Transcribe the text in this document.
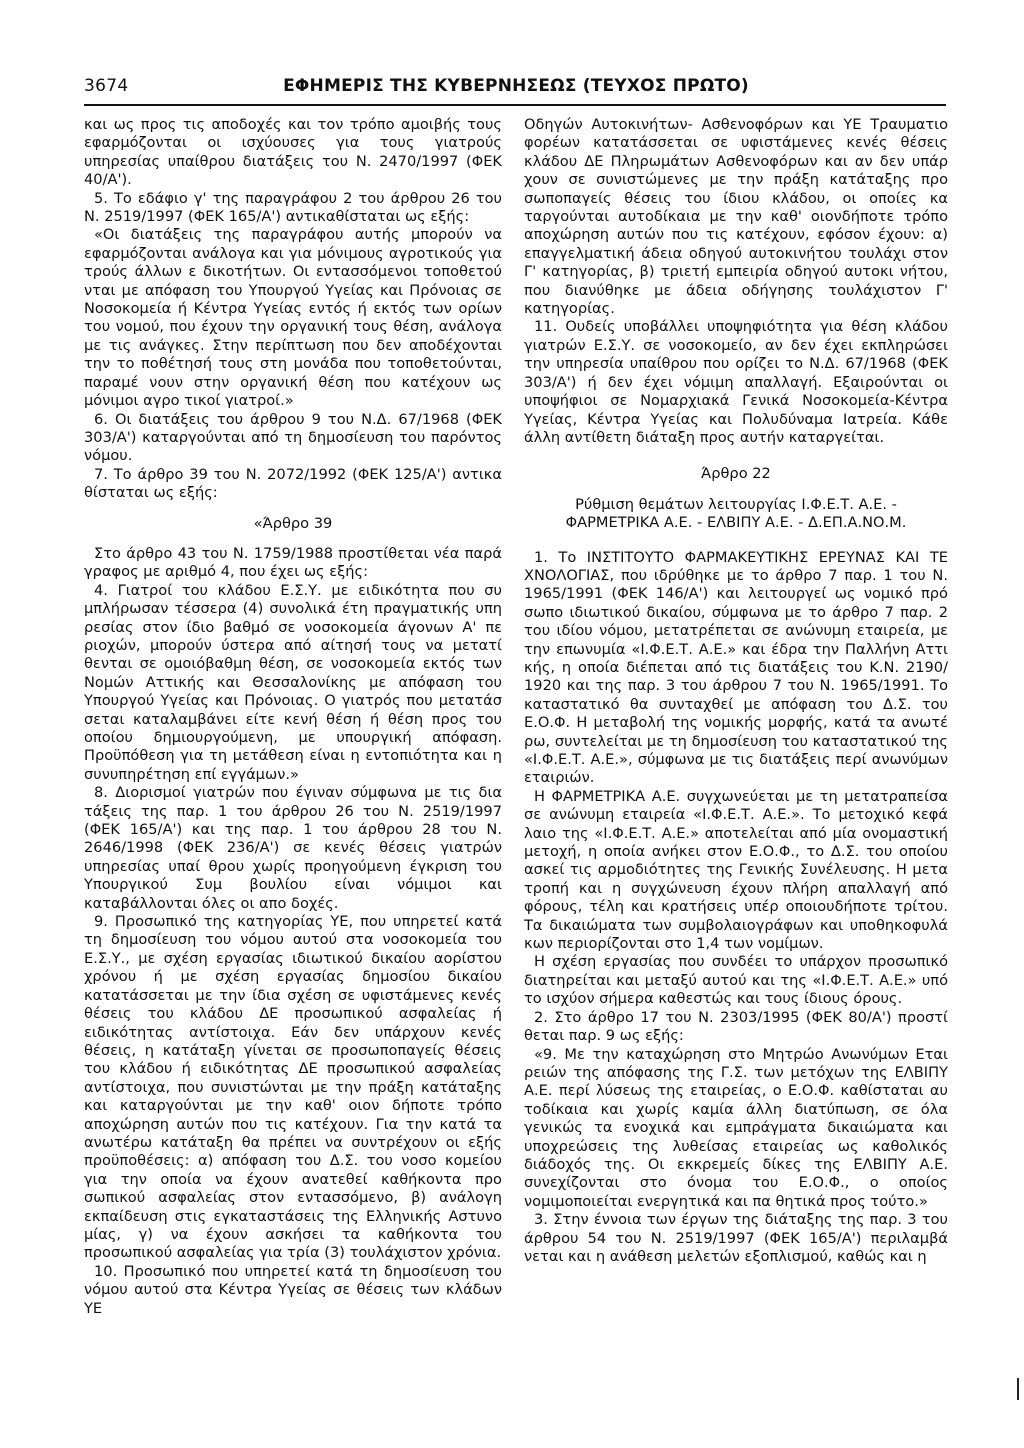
ΕΦΗΜΕΡΙΣ ΤΗΣ ΚΥΒΕΡΝΗΣΕΩΣ (ΤΕΥΧΟΣ ΠΡΩΤΟ)
3674

και ως προς τις αποδοχές και τον τρόπο αμοιβής τους εφαρμόζονται οι ισχύουσες για τους γιατρούς υπηρεσίας υπαίθρου διατάξεις του Ν. 2470/1997 (ΦΕΚ 40/Α').

5. Το εδάφιο γ' της παραγράφου 2 του άρθρου 26 του Ν. 2519/1997 (ΦΕΚ 165/Α') αντικαθίσταται ως εξής:

«Οι διατάξεις της παραγράφου αυτής μπορούν να εφαρμόζονται ανάλογα και για μόνιμους αγροτικούς για τρούς άλλων ε δικοτήτων. Οι εντασσόμενοι τοποθετού νται με απόφαση του Υπουργού Υγείας και Πρόνοιας σε Νοσοκομεία ή Κέντρα Υγείας εντός ή εκτός των ορίων του νομού, που έχουν την οργανική τους θέση, ανάλογα με τις ανάγκες. Στην περίπτωση που δεν αποδέχονται την το ποθέτησή τους στη μονάδα που τοποθετούνται, παραμέ νουν στην οργανική θέση που κατέχουν ως μόνιμοι αγρο τικοί γιατροί.»

6. Οι διατάξεις του άρθρου 9 του Ν.Δ. 67/1968 (ΦΕΚ 303/Α') καταργούνται από τη δημοσίευση του παρόντος νόμου.

7. Το άρθρο 39 του Ν. 2072/1992 (ΦΕΚ 125/Α') αντικα θίσταται ως εξής:

«Άρθρο 39

Στο άρθρο 43 του Ν. 1759/1988 προστίθεται νέα παρά γραφος με αριθμό 4, που έχει ως εξής:

4. Γιατροί του κλάδου Ε.Σ.Υ. με ειδικότητα που συ μπλήρωσαν τέσσερα (4) συνολικά έτη πραγματικής υπη ρεσίας στον ίδιο βαθμό σε νοσοκομεία άγονων Α' πε ριοχών, μπορούν ύστερα από αίτησή τους να μετατί θενται σε ομοιόβαθμη θέση, σε νοσοκομεία εκτός των Νομών Αττικής και Θεσσαλονίκης με απόφαση του Υπουργού Υγείας και Πρόνοιας. Ο γιατρός που μετατάσ σεται καταλαμβάνει είτε κενή θέση ή θέση προς του οποίου δημιουργούμενη, με υπουργική απόφαση. Προϋπόθεση για τη μετάθεση είναι η εντοπιότητα και η συνυπηρέτηση επί εγγάμων.»

8. Διορισμοί γιατρών που έγιναν σύμφωνα με τις δια τάξεις της παρ. 1 του άρθρου 26 του Ν. 2519/1997 (ΦΕΚ 165/Α') και της παρ. 1 του άρθρου 28 του Ν. 2646/1998 (ΦΕΚ 236/Α') σε κενές θέσεις γιατρών υπηρεσίας υπαί θρου χωρίς προηγούμενη έγκριση του Υπουργικού Συμ βουλίου είναι νόμιμοι και καταβάλλονται όλες οι απο δοχές.

9. Προσωπικό της κατηγορίας ΥΕ, που υπηρετεί κατά τη δημοσίευση του νόμου αυτού στα νοσοκομεία του Ε.Σ.Υ., με σχέση εργασίας ιδιωτικού δικαίου αορίστου χρόνου ή με σχέση εργασίας δημοσίου δικαίου κατατάσσεται με την ίδια σχέση σε υφιστάμενες κενές θέσεις του κλάδου ΔΕ προσωπικού ασφαλείας ή ειδικότητας αντίστοιχα. Εάν δεν υπάρχουν κενές θέσεις, η κατάταξη γίνεται σε προσωποπαγείς θέσεις του κλάδου ή ειδικότητας ΔΕ προσωπικού ασφαλείας αντίστοιχα, που συνιστώνται με την πράξη κατάταξης και καταργούνται με την καθ' οιον δήποτε τρόπο αποχώρηση αυτών που τις κατέχουν. Για την κατά τα ανωτέρω κατάταξη θα πρέπει να συντρέχουν οι εξής προϋποθέσεις: α) απόφαση του Δ.Σ. του νοσο κομείου για την οποία να έχουν ανατεθεί καθήκοντα προ σωπικού ασφαλείας στον εντασσόμενο, β) ανάλογη εκπαίδευση στις εγκαταστάσεις της Ελληνικής Αστυνο μίας, γ) να έχουν ασκήσει τα καθήκοντα του προσωπικού ασφαλείας για τρία (3) τουλάχιστον χρόνια.

10. Προσωπικό που υπηρετεί κατά τη δημοσίευση του νόμου αυτού στα Κέντρα Υγείας σε θέσεις των κλάδων ΥΕ

Οδηγών Αυτοκινήτων- Ασθενοφόρων και ΥΕ Τραυματιο φορέων κατατάσσεται σε υφιστάμενες κενές θέσεις κλάδου ΔΕ Πληρωμάτων Ασθενοφόρων και αν δεν υπάρ χουν σε συνιστώμενες με την πράξη κατάταξης προ σωποπαγείς θέσεις του ίδιου κλάδου, οι οποίες κα ταργούνται αυτοδίκαια με την καθ' οιονδήποτε τρόπο αποχώρηση αυτών που τις κατέχουν, εφόσον έχουν: α) επαγγελματική άδεια οδηγού αυτοκινήτου τουλάχι στον Γ' κατηγορίας, β) τριετή εμπειρία οδηγού αυτοκι νήτου, που διανύθηκε με άδεια οδήγησης τουλάχιστον Γ' κατηγορίας.

11. Ουδείς υποβάλλει υποψηφιότητα για θέση κλάδου γιατρών Ε.Σ.Υ. σε νοσοκομείο, αν δεν έχει εκπληρώσει την υπηρεσία υπαίθρου που ορίζει το Ν.Δ. 67/1968 (ΦΕΚ 303/Α') ή δεν έχει νόμιμη απαλλαγή. Εξαιρούνται οι υποψήφιοι σε Νομαρχιακά Γενικά Νοσοκομεία-Κέντρα Υγείας, Κέντρα Υγείας και Πολυδύναμα Ιατρεία. Κάθε άλλη αντίθετη διάταξη προς αυτήν καταργείται.

Άρθρο 22

Ρύθμιση θεμάτων λειτουργίας Ι.Φ.Ε.Τ. Α.Ε. -

ΦΑΡΜΕΤΡΙΚΑ Α.Ε. - ΕΛΒΙΠΥ Α.Ε. - Δ.ΕΠ.Α.ΝΟ.Μ.

1. Το ΙΝΣΤΙΤΟΥΤΟ ΦΑΡΜΑΚΕΥΤΙΚΗΣ ΕΡΕΥΝΑΣ ΚΑΙ ΤΕ ΧΝΟΛΟΓΙΑΣ, που ιδρύθηκε με το άρθρο 7 παρ. 1 του Ν. 1965/1991 (ΦΕΚ 146/Α') και λειτουργεί ως νομικό πρό σωπο ιδιωτικού δικαίου, σύμφωνα με το άρθρο 7 παρ. 2 του ιδίου νόμου, μετατρέπεται σε ανώνυμη εταιρεία, με την επωνυμία «Ι.Φ.Ε.Τ. Α.Ε.» και έδρα την Παλλήνη Αττι κής, η οποία διέπεται από τις διατάξεις του Κ.Ν. 2190/ 1920 και της παρ. 3 του άρθρου 7 του Ν. 1965/1991. Το καταστατικό θα συνταχθεί με απόφαση του Δ.Σ. του Ε.Ο.Φ. Η μεταβολή της νομικής μορφής, κατά τα ανωτέ ρω, συντελείται με τη δημοσίευση του καταστατικού της «Ι.Φ.Ε.Τ. Α.Ε.», σύμφωνα με τις διατάξεις περί ανωνύμων εταιριών.

Η ΦΑΡΜΕΤΡΙΚΑ Α.Ε. συγχωνεύεται με τη μετατραπείσα σε ανώνυμη εταιρεία «Ι.Φ.Ε.Τ. Α.Ε.». Το μετοχικό κεφά λαιο της «Ι.Φ.Ε.Τ. Α.Ε.» αποτελείται από μία ονομαστική μετοχή, η οποία ανήκει στον Ε.Ο.Φ., το Δ.Σ. του οποίου ασκεί τις αρμοδιότητες της Γενικής Συνέλευσης. Η μετα τροπή και η συγχώνευση έχουν πλήρη απαλλαγή από φόρους, τέλη και κρατήσεις υπέρ οποιουδήποτε τρίτου. Τα δικαιώματα των συμβολαιογράφων και υποθηκοφυλά κων περιορίζονται στο 1,4 των νομίμων.

Η σχέση εργασίας που συνδέει το υπάρχον προσωπικό διατηρείται και μεταξύ αυτού και της «Ι.Φ.Ε.Τ. Α.Ε.» υπό το ισχύον σήμερα καθεστώς και τους ίδιους όρους.

2. Στο άρθρο 17 του Ν. 2303/1995 (ΦΕΚ 80/Α') προστί θεται παρ. 9 ως εξής:

«9. Με την καταχώρηση στο Μητρώο Ανωνύμων Εται ρειών της απόφασης της Γ.Σ. των μετόχων της ΕΛΒΙΠΥ Α.Ε. περί λύσεως της εταιρείας, ο Ε.Ο.Φ. καθίσταται αυ τοδίκαια και χωρίς καμία άλλη διατύπωση, σε όλα γενικώς τα ενοχικά και εμπράγματα δικαιώματα και υποχρεώσεις της λυθείσας εταιρείας ως καθολικός διάδοχός της. Οι εκκρεμείς δίκες της ΕΛΒΙΠΥ Α.Ε. συνεχίζονται στο όνομα του Ε.Ο.Φ., ο οποίος νομιμοποιείται ενεργητικά και πα θητικά προς τούτο.»

3. Στην έννοια των έργων της διάταξης της παρ. 3 του άρθρου 54 του Ν. 2519/1997 (ΦΕΚ 165/Α') περιλαμβά νεται και η ανάθεση μελετών εξοπλισμού, καθώς και η
